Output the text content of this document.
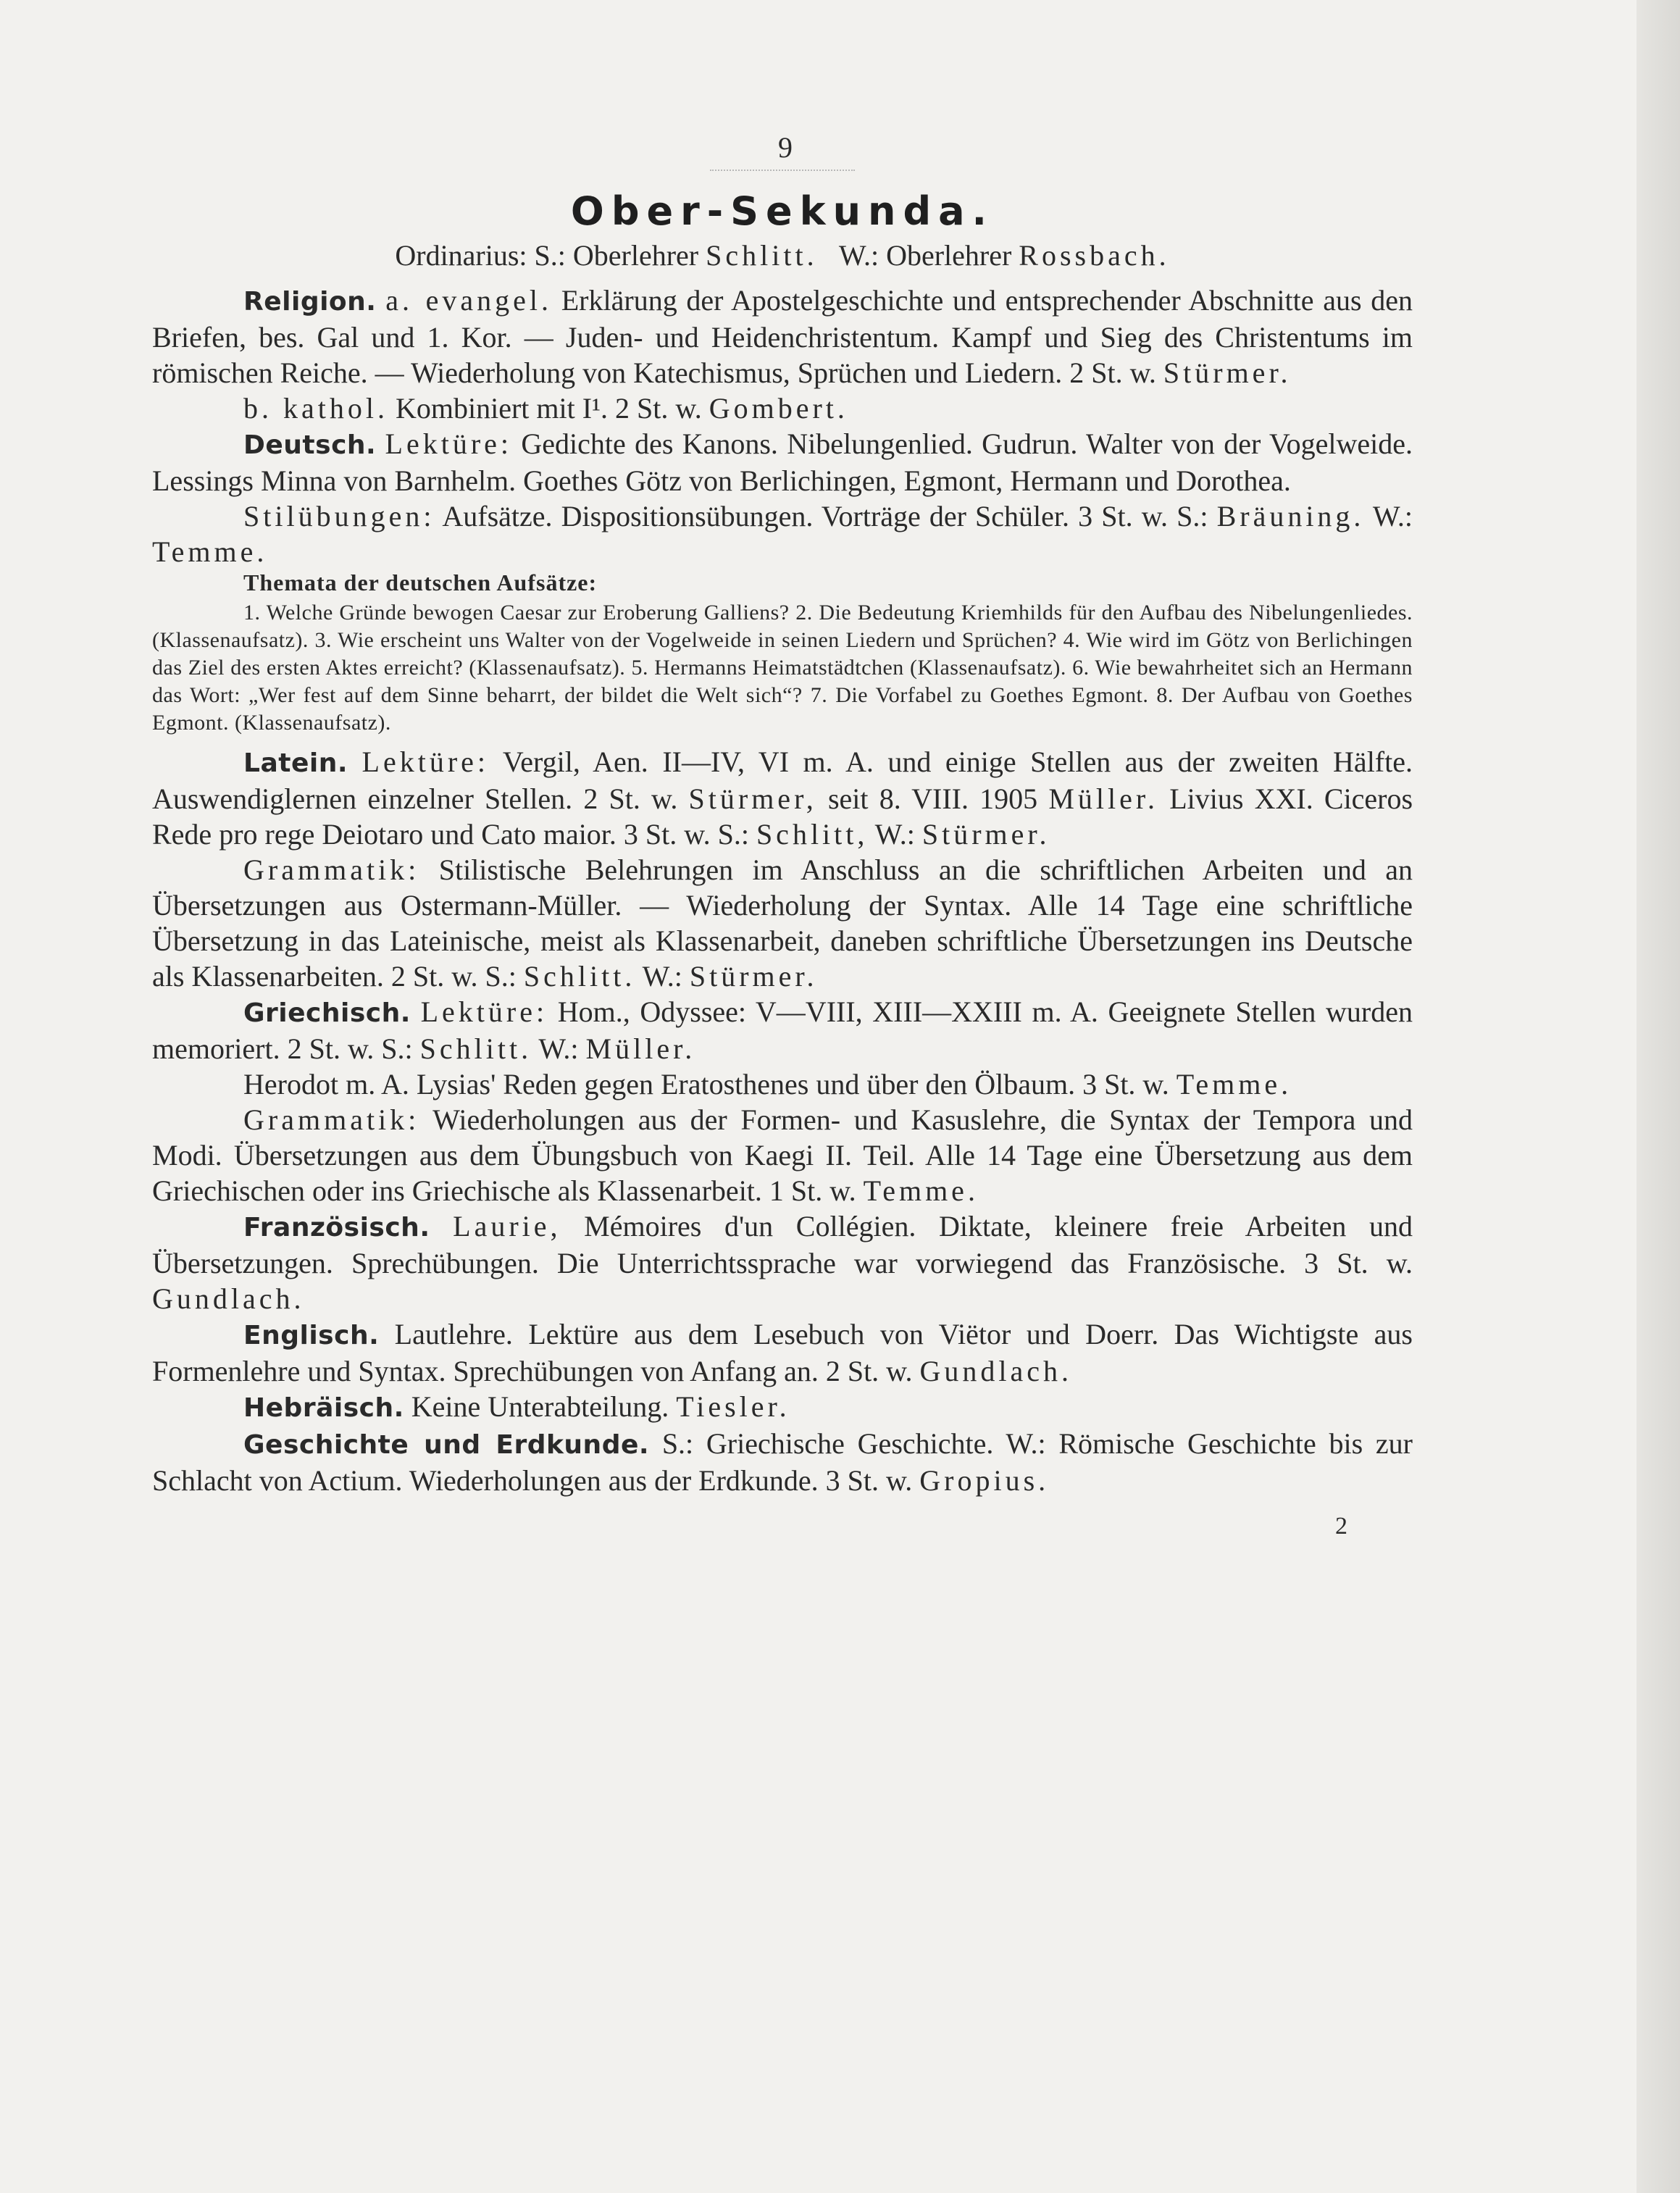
9
Ober-Sekunda.
Ordinarius: S.: Oberlehrer Schlitt. W.: Oberlehrer Rossbach.

Religion. a. evangel. Erklärung der Apostelgeschichte und entsprechender Abschnitte aus den Briefen, bes. Gal und 1. Kor. — Juden- und Heidenchristentum. Kampf und Sieg des Christentums im römischen Reiche. — Wiederholung von Katechismus, Sprüchen und Liedern. 2 St. w. Stürmer.

b. kathol. Kombiniert mit I¹. 2 St. w. Gombert.

Deutsch. Lektüre: Gedichte des Kanons. Nibelungenlied. Gudrun. Walter von der Vogelweide. Lessings Minna von Barnhelm. Goethes Götz von Berlichingen, Egmont, Hermann und Dorothea.

Stilübungen: Aufsätze. Dispositionsübungen. Vorträge der Schüler. 3 St. w. S.: Bräuning. W.: Temme.

Themata der deutschen Aufsätze:

1. Welche Gründe bewogen Caesar zur Eroberung Galliens? 2. Die Bedeutung Kriemhilds für den Aufbau des Nibelungenliedes. (Klassenaufsatz). 3. Wie erscheint uns Walter von der Vogelweide in seinen Liedern und Sprüchen? 4. Wie wird im Götz von Berlichingen das Ziel des ersten Aktes erreicht? (Klassenaufsatz). 5. Hermanns Heimatstädtchen (Klassenaufsatz). 6. Wie bewahrheitet sich an Hermann das Wort: „Wer fest auf dem Sinne beharrt, der bildet die Welt sich“? 7. Die Vorfabel zu Goethes Egmont. 8. Der Aufbau von Goethes Egmont. (Klassenaufsatz).

Latein. Lektüre: Vergil, Aen. II—IV, VI m. A. und einige Stellen aus der zweiten Hälfte. Auswendiglernen einzelner Stellen. 2 St. w. Stürmer, seit 8. VIII. 1905 Müller. Livius XXI. Ciceros Rede pro rege Deiotaro und Cato maior. 3 St. w. S.: Schlitt, W.: Stürmer.

Grammatik: Stilistische Belehrungen im Anschluss an die schriftlichen Arbeiten und an Übersetzungen aus Ostermann-Müller. — Wiederholung der Syntax. Alle 14 Tage eine schriftliche Übersetzung in das Lateinische, meist als Klassenarbeit, daneben schriftliche Übersetzungen ins Deutsche als Klassenarbeiten. 2 St. w. S.: Schlitt. W.: Stürmer.

Griechisch. Lektüre: Hom., Odyssee: V—VIII, XIII—XXIII m. A. Geeignete Stellen wurden memoriert. 2 St. w. S.: Schlitt. W.: Müller.

Herodot m. A. Lysias' Reden gegen Eratosthenes und über den Ölbaum. 3 St. w. Temme.

Grammatik: Wiederholungen aus der Formen- und Kasuslehre, die Syntax der Tempora und Modi. Übersetzungen aus dem Übungsbuch von Kaegi II. Teil. Alle 14 Tage eine Übersetzung aus dem Griechischen oder ins Griechische als Klassenarbeit. 1 St. w. Temme.

Französisch. Laurie, Mémoires d'un Collégien. Diktate, kleinere freie Arbeiten und Übersetzungen. Sprechübungen. Die Unterrichtssprache war vorwiegend das Französische. 3 St. w. Gundlach.

Englisch. Lautlehre. Lektüre aus dem Lesebuch von Viëtor und Doerr. Das Wichtigste aus Formenlehre und Syntax. Sprechübungen von Anfang an. 2 St. w. Gundlach.

Hebräisch. Keine Unterabteilung. Tiesler.

Geschichte und Erdkunde. S.: Griechische Geschichte. W.: Römische Geschichte bis zur Schlacht von Actium. Wiederholungen aus der Erdkunde. 3 St. w. Gropius.

2
